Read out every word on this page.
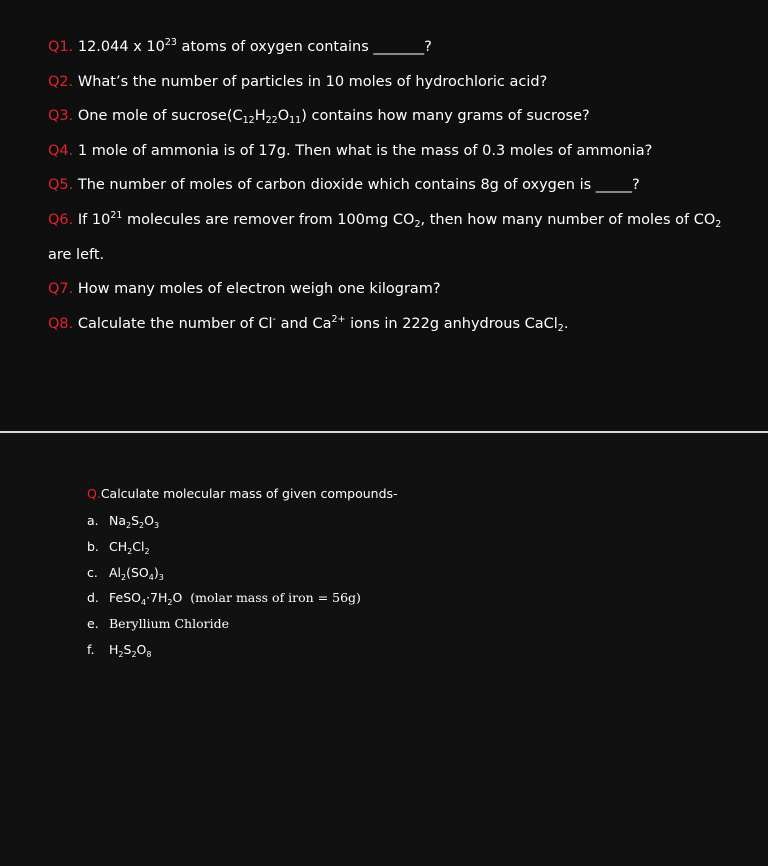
Q1. 12.044 x $10^{23}$ atoms of oxygen contains _______?
Q2. What’s the number of particles in 10 moles of hydrochloric acid?
Q3. One mole of $sucrose(C_{12}H_{22}O_{11})$ contains how many grams of sucrose?
Q4. 1 mole of ammonia is of 17g. Then what is the mass of 0.3 moles of ammonia?
Q5. The number of moles of carbon dioxide which contains 8g of oxygen is _____?
Q6. If $10^{21}$ molecules are remover from 100mg $CO_2$, then how many number of moles of $CO_2$
are left.
Q7. How many moles of electron weigh one kilogram?
Q8. Calculate the number of Cl- and $Ca^{2+}$ ions in 222g anhydrous CaCl$_2$.
Q.Calculate molecular mass of given compounds-
a. $Na_2S_2O_3$
b. $CH_2Cl_2$
c. $Al_2(SO_4)_3$
d. $FeSO_4\cdot 7H_2O$ (molar mass of iron = 56g)
e. Beryllium Chloride
f. $H_2S_2O_8$
